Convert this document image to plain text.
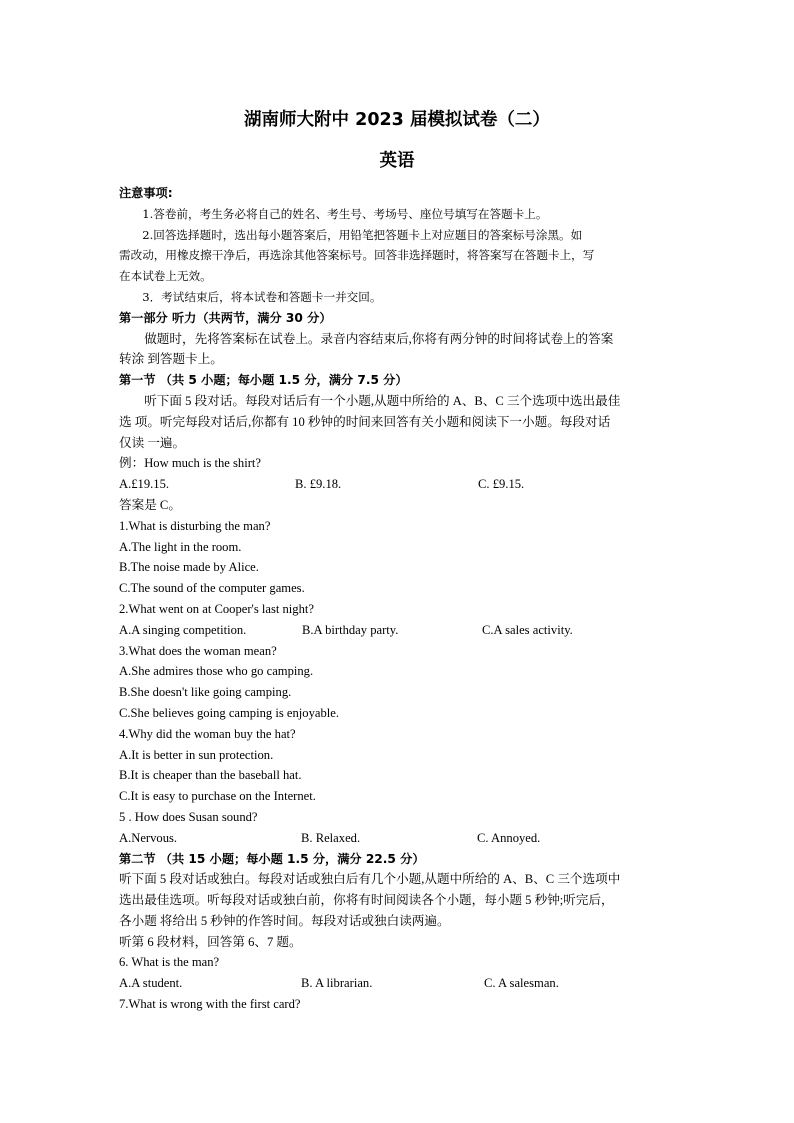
湖南师大附中 2023 届模拟试卷（二）
英语
注意事项:
1.答卷前，考生务必将自己的姓名、考生号、考场号、座位号填写在答题卡上。
2.回答选择题时，选出每小题答案后，用铅笔把答题卡上对应题目的答案标号涂黑。如
需改动，用橡皮擦干净后，再选涂其他答案标号。回答非选择题时，将答案写在答题卡上，写
在本试卷上无效。
3．考试结束后，将本试卷和答题卡一并交回。
第一部分 听力（共两节，满分 30 分）
做题时，先将答案标在试卷上。录音内容结束后,你将有两分钟的时间将试卷上的答案
转涂 到答题卡上。
第一节 （共 5 小题；每小题 1.5 分，满分 7.5 分）
听下面 5 段对话。每段对话后有一个小题,从题中所给的 A、B、C 三个选项中选出最佳
选 项。听完每段对话后,你都有 10 秒钟的时间来回答有关小题和阅读下一小题。每段对话
仅读 一遍。
例：How much is the shirt?
A.£19.15.	B. £9.18.	C. £9.15.
答案是 C。
1.What is disturbing the man?
A.The light in the room.
B.The noise made by Alice.
C.The sound of the computer games.
2.What went on at Cooper's last night?
A.A singing competition.	B.A birthday party.	C.A sales activity.
3.What does the woman mean?
A.She admires those who go camping.
B.She doesn't like going camping.
C.She believes going camping is enjoyable.
4.Why did the woman buy the hat?
A.It is better in sun protection.
B.It is cheaper than the baseball hat.
C.It is easy to purchase on the Internet.
5 . How does Susan sound?
A.Nervous.	B. Relaxed.	C. Annoyed.
第二节 （共 15 小题；每小题 1.5 分，满分 22.5 分）
听下面 5 段对话或独白。每段对话或独白后有几个小题,从题中所给的 A、B、C 三个选项中
选出最佳选项。听每段对话或独白前，你将有时间阅读各个小题，每小题 5 秒钟;听完后，
各小题 将给出 5 秒钟的作答时间。每段对话或独白读两遍。
听第 6 段材料，回答第 6、7 题。
6. What is the man?
A.A student.	B. A librarian.	C. A salesman.
7.What is wrong with the first card?
